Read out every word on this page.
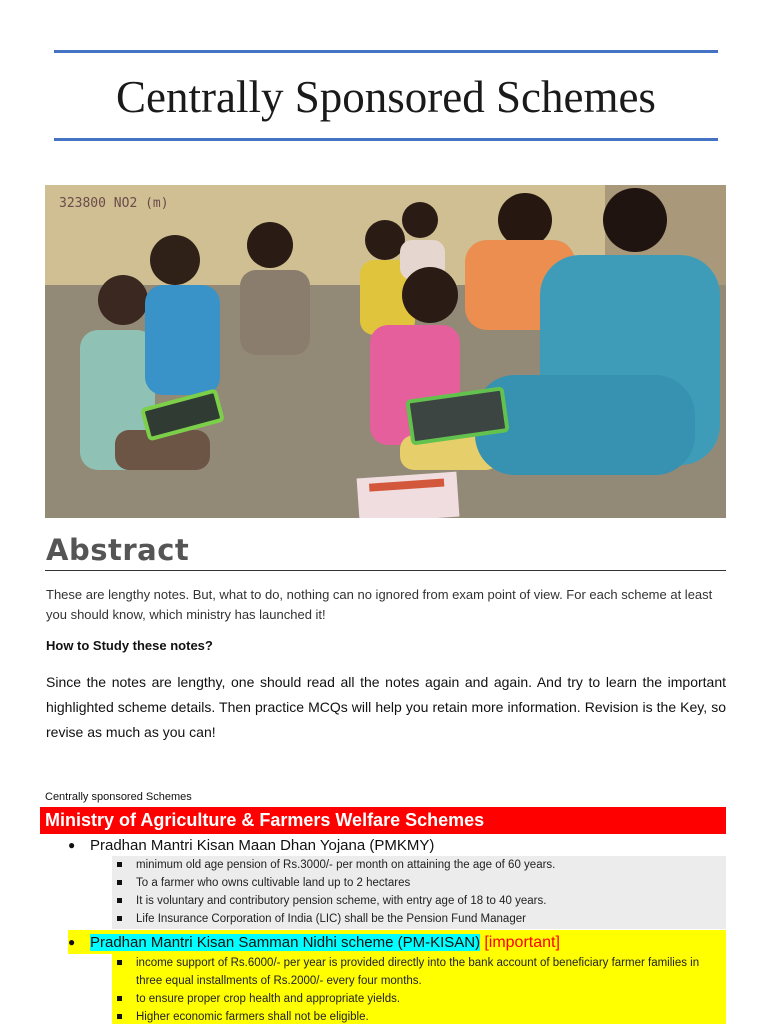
Centrally Sponsored Schemes
323800 NO2 (m)
Abstract

These are lengthy notes. But, what to do, nothing can no ignored from exam point of view. For each scheme at least you should know, which ministry has launched it!

How to Study these notes?

Since the notes are lengthy, one should read all the notes again and again. And try to learn the important highlighted scheme details. Then practice MCQs will help you retain more information. Revision is the Key, so revise as much as you can!

Centrally sponsored Schemes
Ministry of Agriculture & Farmers Welfare Schemes
● Pradhan Mantri Kisan Maan Dhan Yojana (PMKMY)
minimum old age pension of Rs.3000/- per month on attaining the age of 60 years.
To a farmer who owns cultivable land up to 2 hectares
It is voluntary and contributory pension scheme, with entry age of 18 to 40 years.
Life Insurance Corporation of India (LIC) shall be the Pension Fund Manager
● Pradhan Mantri Kisan Samman Nidhi scheme (PM-KISAN) [important]
income support of Rs.6000/- per year is provided directly into the bank account of beneficiary farmer families in three equal installments of Rs.2000/- every four months.
to ensure proper crop health and appropriate yields.
Higher economic farmers shall not be eligible.
